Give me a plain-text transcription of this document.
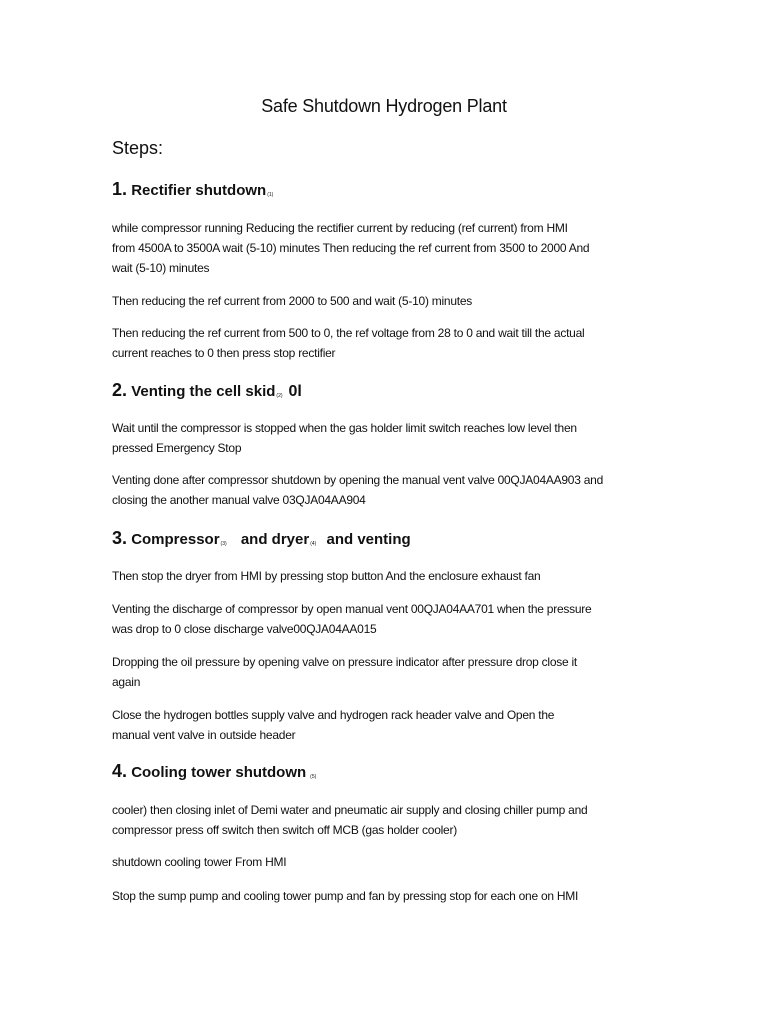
Safe Shutdown Hydrogen Plant
Steps:
1. Rectifier shutdown$_{(1)}$
while compressor running Reducing the rectifier current by reducing (ref current) from HMI
from 4500A to 3500A wait (5-10) minutes Then reducing the ref current from 3500 to 2000 And
wait (5-10) minutes
Then reducing the ref current from 2000 to 500 and wait (5-10) minutes
Then reducing the ref current from 500 to 0, the ref voltage from 28 to 0 and wait till the actual
current reaches to 0 then press stop rectifier
2. Venting the cell skid$_{(2)}$ 0l
Wait until the compressor is stopped when the gas holder limit switch reaches low level then
pressed Emergency Stop
Venting done after compressor shutdown by opening the manual vent valve 00QJA04AA903 and
closing the another manual valve 03QJA04AA904
3. Compressor$_{(3)}$ and dryer$_{(4)}$ and venting
Then stop the dryer from HMI by pressing stop button And the enclosure exhaust fan
Venting the discharge of compressor by open manual vent 00QJA04AA701 when the pressure
was drop to 0 close discharge valve00QJA04AA015
Dropping the oil pressure by opening valve on pressure indicator after pressure drop close it
again
Close the hydrogen bottles supply valve and hydrogen rack header valve and Open the
manual vent valve in outside header
4. Cooling tower shutdown $_{(5)}$
cooler) then closing inlet of Demi water and pneumatic air supply and closing chiller pump and
compressor press off switch then switch off MCB (gas holder cooler)
shutdown cooling tower From HMI
Stop the sump pump and cooling tower pump and fan by pressing stop for each one on HMI
